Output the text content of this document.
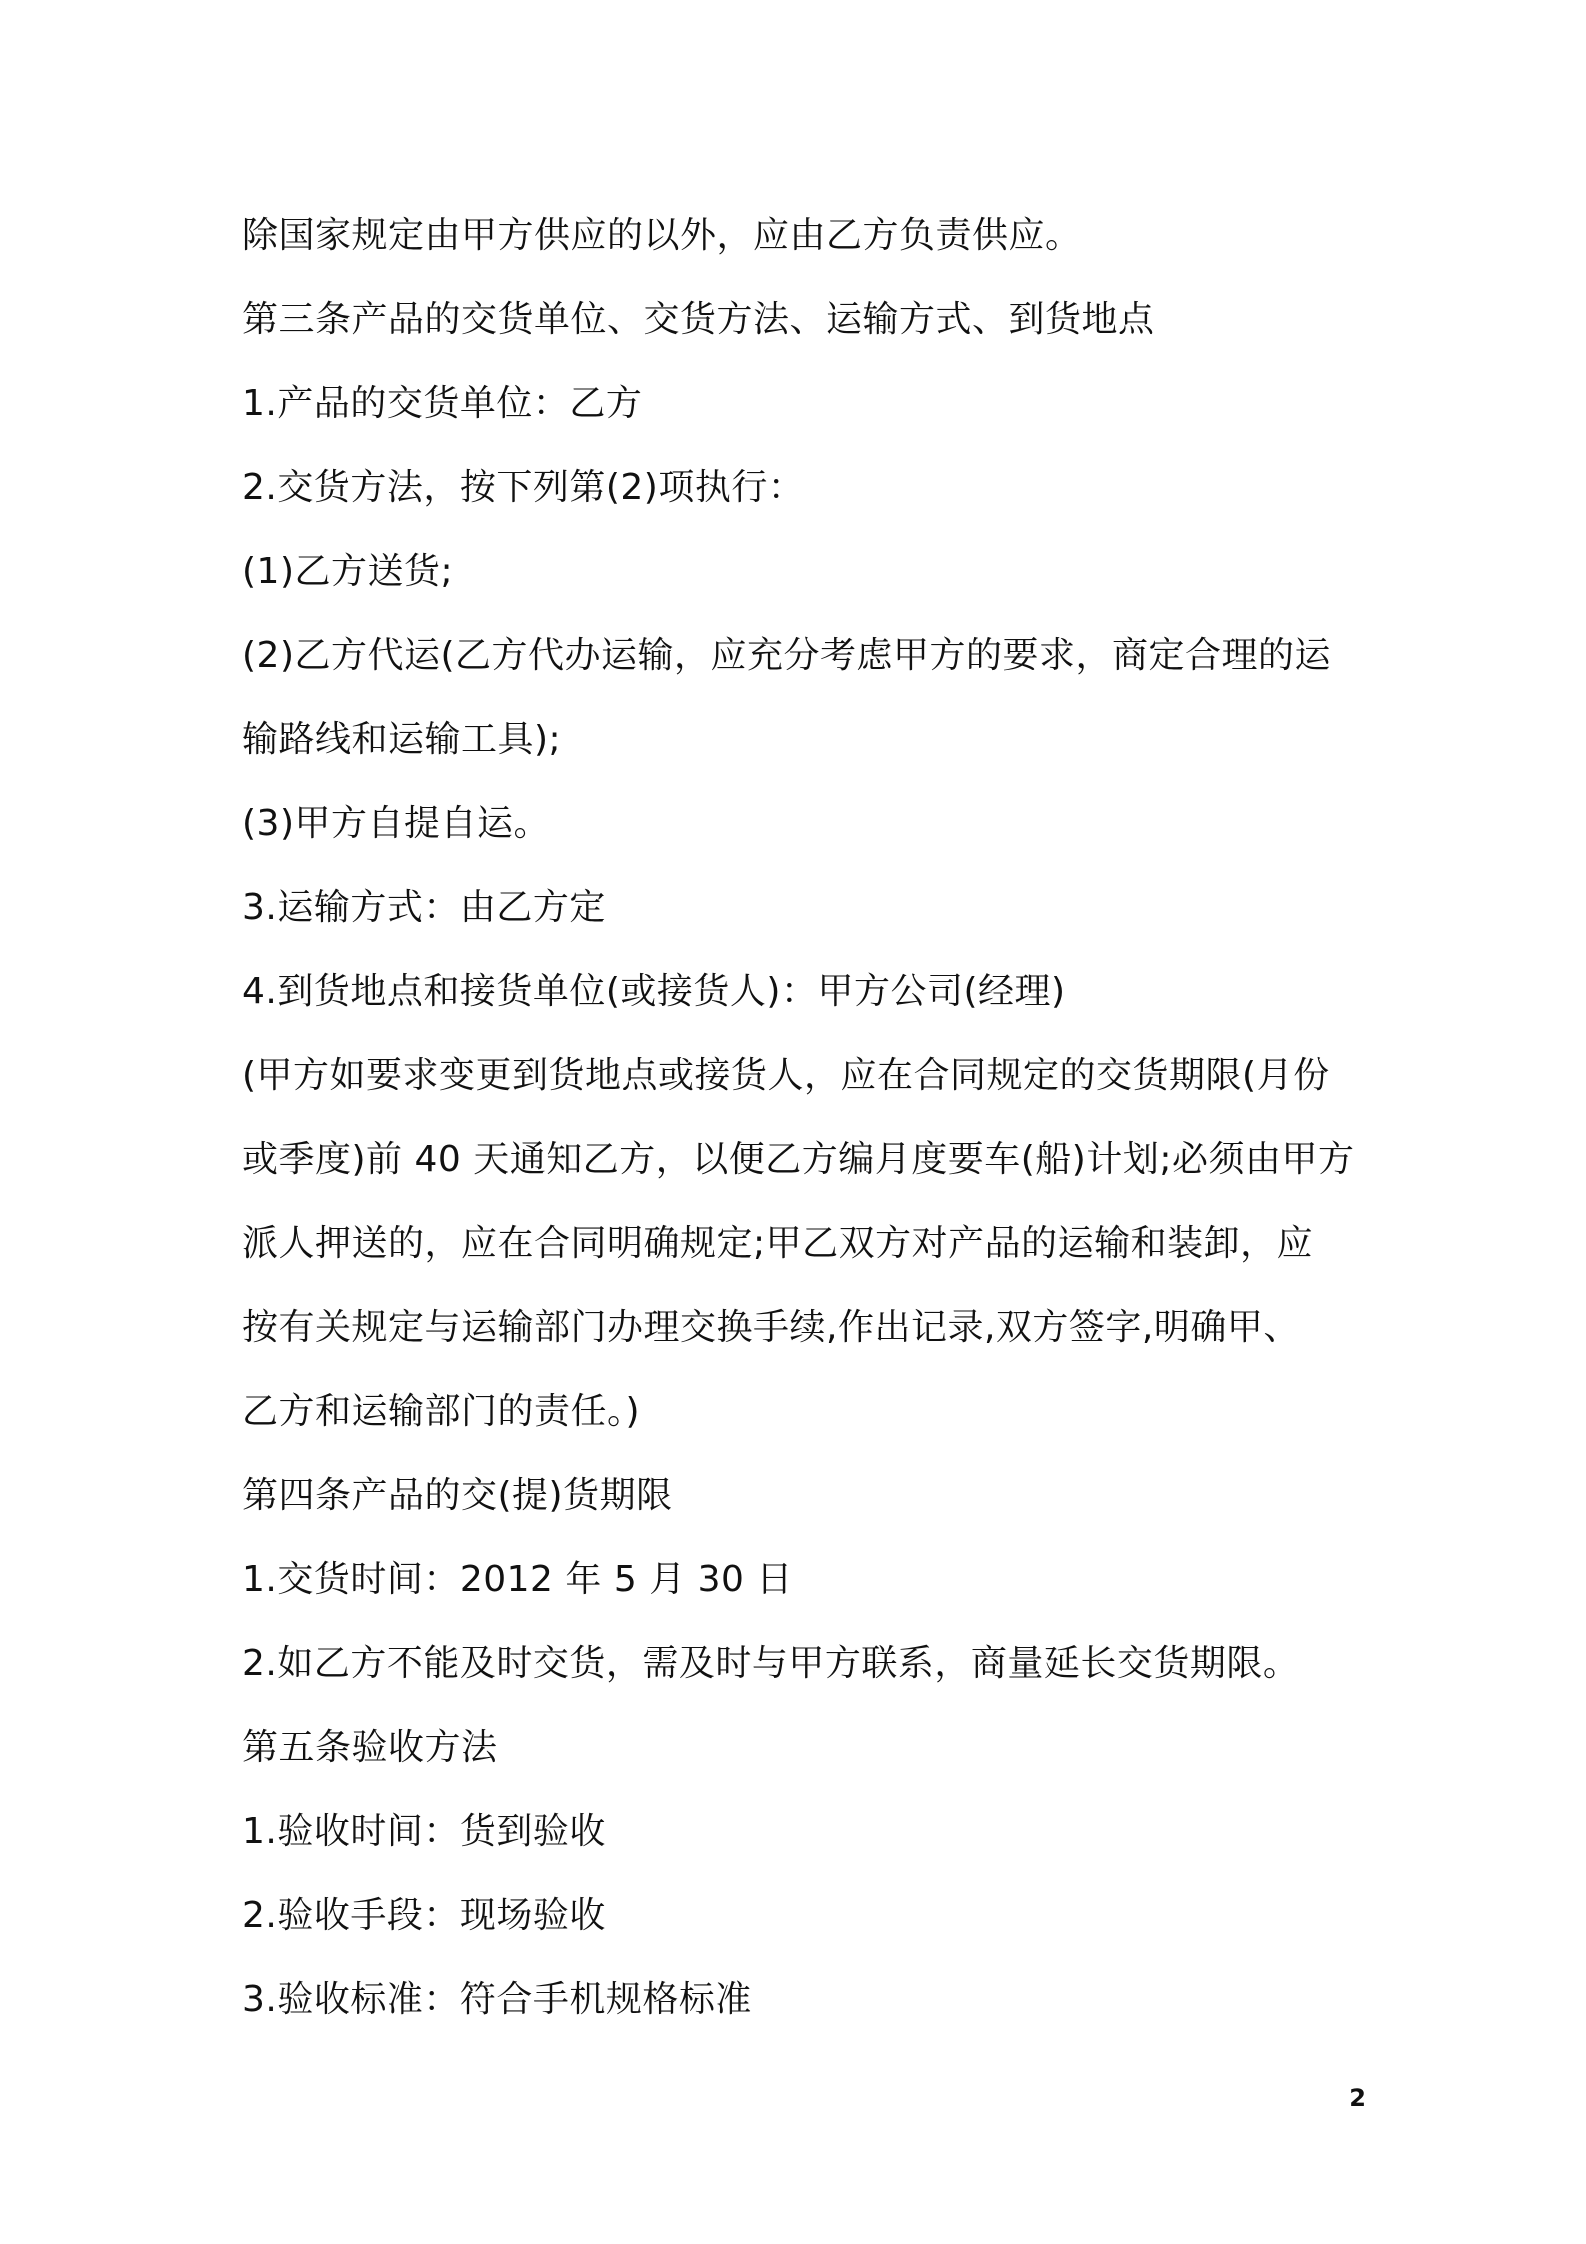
除国家规定由甲方供应的以外，应由乙方负责供应。
第三条产品的交货单位、交货方法、运输方式、到货地点
1.产品的交货单位：乙方
2.交货方法，按下列第(2)项执行：
(1)乙方送货;
(2)乙方代运(乙方代办运输，应充分考虑甲方的要求，商定合理的运
输路线和运输工具);
(3)甲方自提自运。
3.运输方式：由乙方定
4.到货地点和接货单位(或接货人)：甲方公司(经理)
(甲方如要求变更到货地点或接货人，应在合同规定的交货期限(月份
或季度)前 40 天通知乙方，以便乙方编月度要车(船)计划;必须由甲方
派人押送的，应在合同明确规定;甲乙双方对产品的运输和装卸，应
按有关规定与运输部门办理交换手续,作出记录,双方签字,明确甲、
乙方和运输部门的责任。)
第四条产品的交(提)货期限
1.交货时间：2012 年 5 月 30 日
2.如乙方不能及时交货，需及时与甲方联系，商量延长交货期限。
第五条验收方法
1.验收时间：货到验收
2.验收手段：现场验收
3.验收标准：符合手机规格标准
2
